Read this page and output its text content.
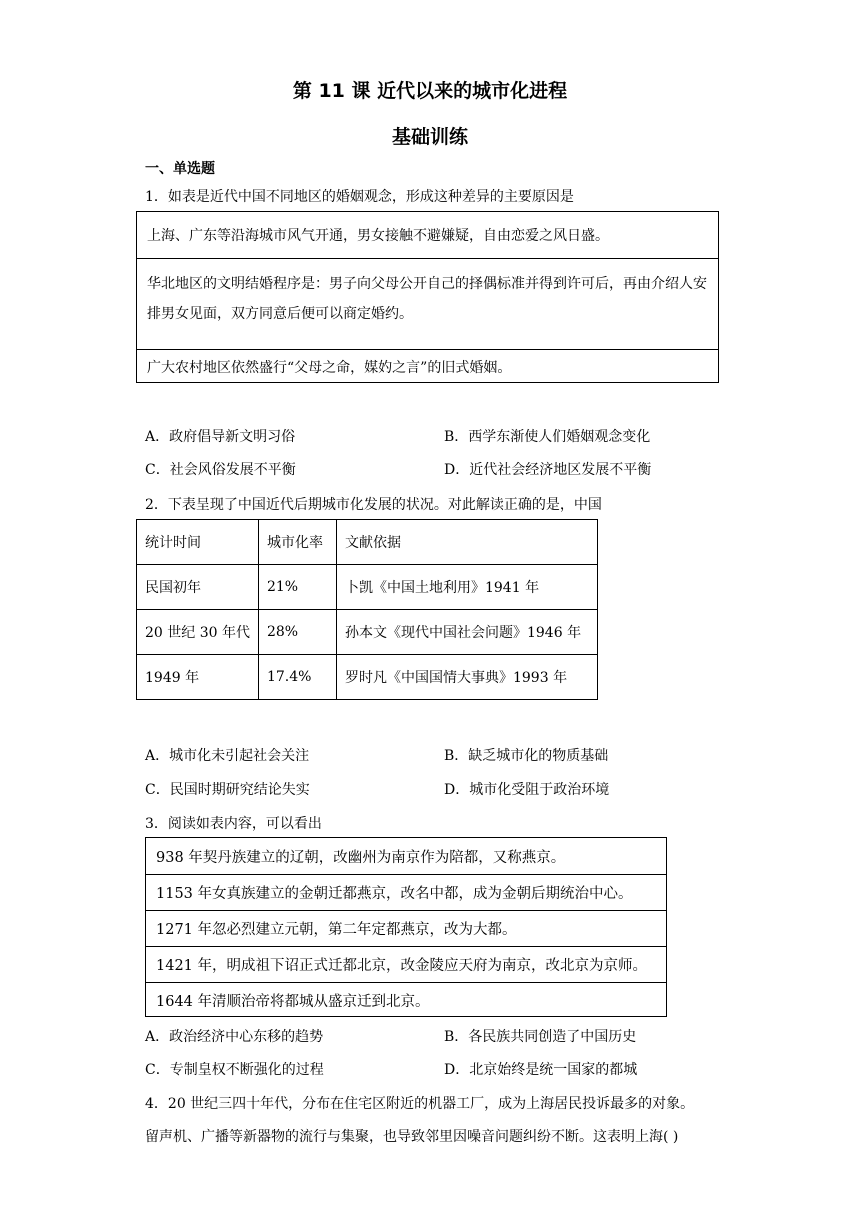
第 11 课 近代以来的城市化进程
基础训练
一、单选题
1．如表是近代中国不同地区的婚姻观念，形成这种差异的主要原因是
上海、广东等沿海城市风气开通，男女接触不避嫌疑，自由恋爱之风日盛。
华北地区的文明结婚程序是：男子向父母公开自己的择偶标准并得到许可后，再由介绍人安排男女见面，双方同意后便可以商定婚约。
广大农村地区依然盛行“父母之命，媒妁之言”的旧式婚姻。
A．政府倡导新文明习俗	B．西学东渐使人们婚姻观念变化
C．社会风俗发展不平衡	D．近代社会经济地区发展不平衡
2．下表呈现了中国近代后期城市化发展的状况。对此解读正确的是，中国
统计时间	城市化率	文献依据
民国初年	21%	卜凯《中国土地利用》1941 年
20 世纪 30 年代	28%	孙本文《现代中国社会问题》1946 年
1949 年	17.4%	罗时凡《中国国情大事典》1993 年
A．城市化未引起社会关注	B．缺乏城市化的物质基础
C．民国时期研究结论失实	D．城市化受阻于政治环境
3．阅读如表内容，可以看出
938 年契丹族建立的辽朝，改幽州为南京作为陪都，又称燕京。
1153 年女真族建立的金朝迁都燕京，改名中都，成为金朝后期统治中心。
1271 年忽必烈建立元朝，第二年定都燕京，改为大都。
1421 年，明成祖下诏正式迁都北京，改金陵应天府为南京，改北京为京师。
1644 年清顺治帝将都城从盛京迁到北京。
A．政治经济中心东移的趋势	B．各民族共同创造了中国历史
C．专制皇权不断强化的过程	D．北京始终是统一国家的都城
4．20 世纪三四十年代，分布在住宅区附近的机器工厂，成为上海居民投诉最多的对象。
留声机、广播等新器物的流行与集聚，也导致邻里因噪音问题纠纷不断。这表明上海( )
